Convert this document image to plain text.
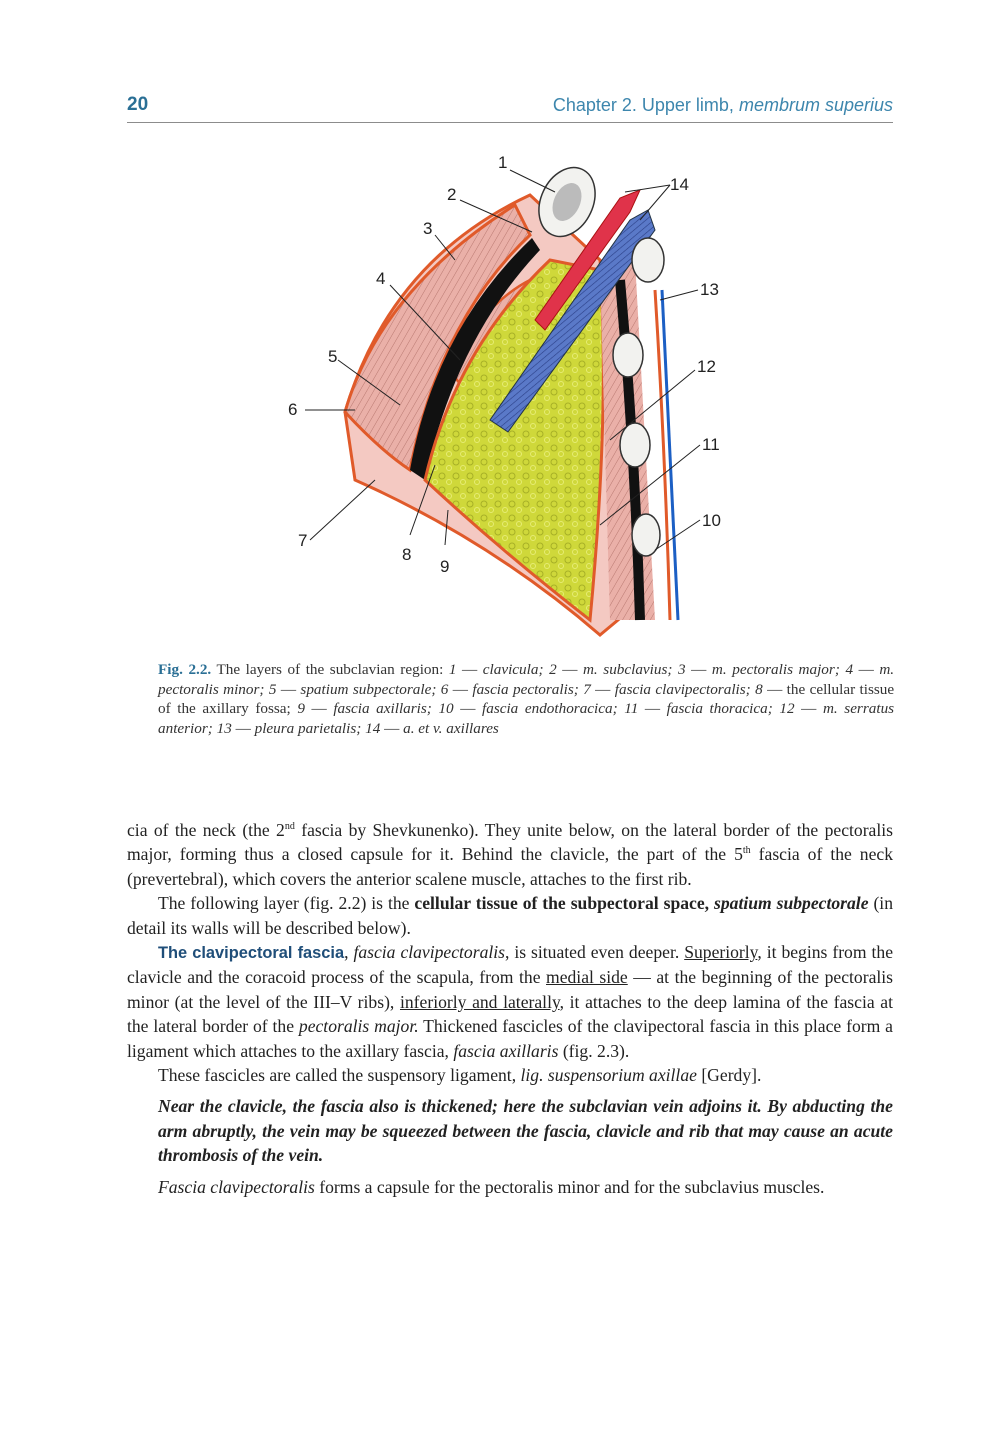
20	Chapter 2. Upper limb, membrum superius
1
2
3
4
5
6
7
8
9
10
11
12
13
14
Fig. 2.2. The layers of the subclavian region: 1 — clavicula; 2 — m. subclavius; 3 — m. pectoralis major; 4 — m. pectoralis minor; 5 — spatium subpectorale; 6 — fascia pectoralis; 7 — fascia clavipectoralis; 8 — the cellular tissue of the axillary fossa; 9 — fascia axillaris; 10 — fascia endothoracica; 11 — fascia thoracica; 12 — m. serratus anterior; 13 — pleura parietalis; 14 — a. et v. axillares

cia of the neck (the 2nd fascia by Shevkunenko). They unite below, on the lateral border of the pectoralis major, forming thus a closed capsule for it. Behind the clavicle, the part of the 5th fascia of the neck (prevertebral), which covers the anterior scalene muscle, attaches to the first rib.

The following layer (fig. 2.2) is the cellular tissue of the subpectoral space, spatium subpectorale (in detail its walls will be described below).

The clavipectoral fascia, fascia clavipectoralis, is situated even deeper. Superiorly, it begins from the clavicle and the coracoid process of the scapula, from the medial side — at the beginning of the pectoralis minor (at the level of the III–V ribs), inferiorly and laterally, it attaches to the deep lamina of the fascia at the lateral border of the pectoralis major. Thickened fascicles of the clavipectoral fascia in this place form a ligament which attaches to the axillary fascia, fascia axillaris (fig. 2.3).

These fascicles are called the suspensory ligament, lig. suspensorium axillae [Gerdy].

Near the clavicle, the fascia also is thickened; here the subclavian vein adjoins it. By abducting the arm abruptly, the vein may be squeezed between the fascia, clavicle and rib that may cause an acute thrombosis of the vein.

Fascia clavipectoralis forms a capsule for the pectoralis minor and for the subclavius muscles.
